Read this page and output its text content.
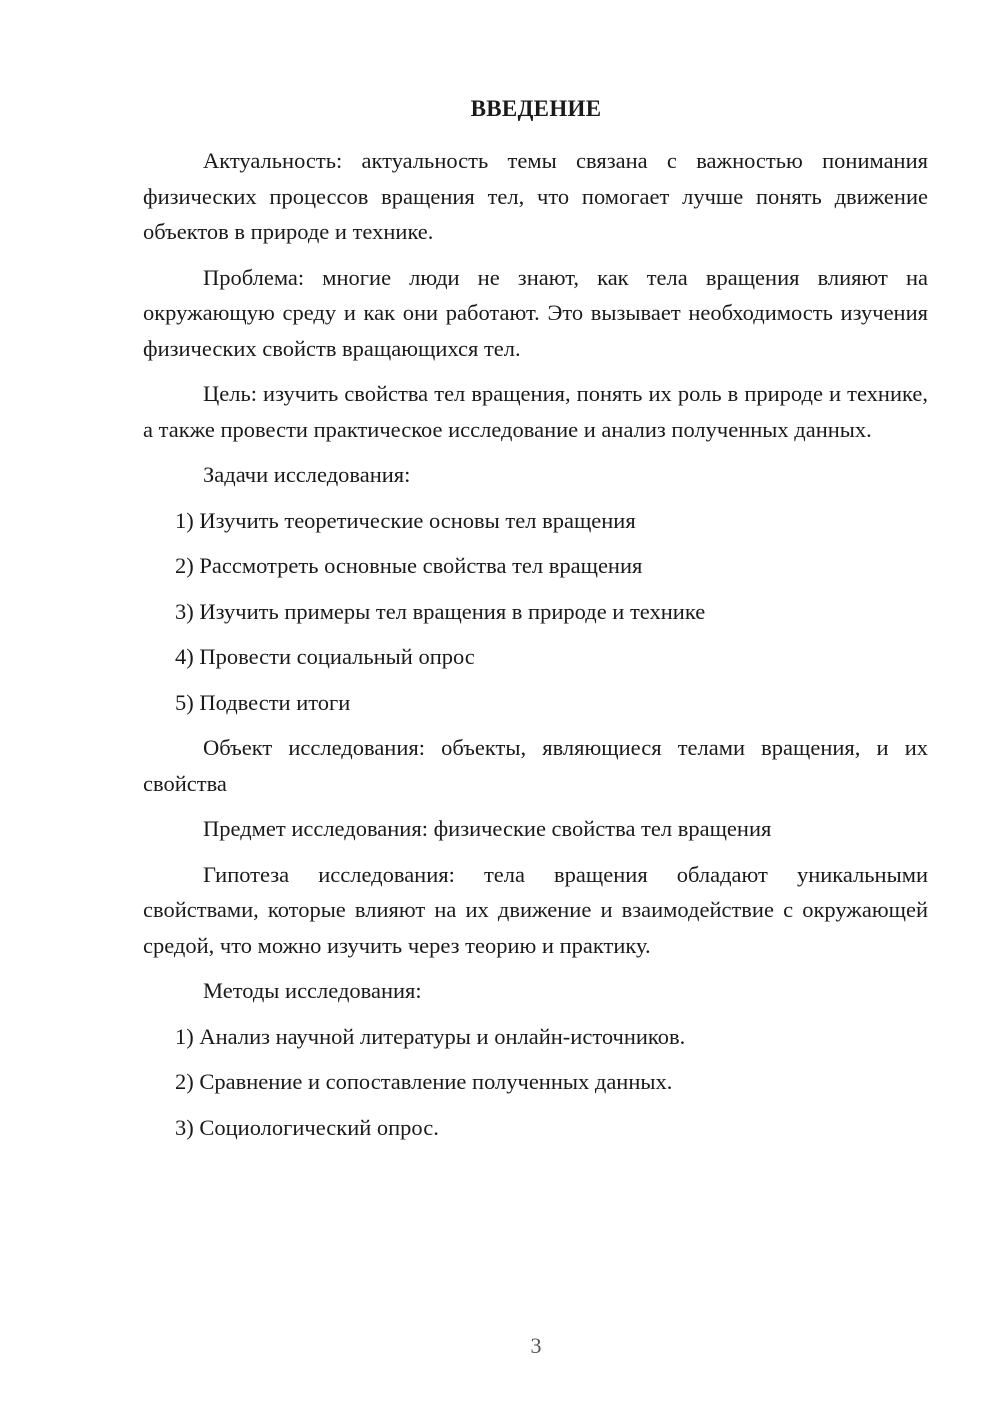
ВВЕДЕНИЕ

Актуальность: актуальность темы связана с важностью понимания физических процессов вращения тел, что помогает лучше понять движение объектов в природе и технике.

Проблема: многие люди не знают, как тела вращения влияют на окружающую среду и как они работают. Это вызывает необходимость изучения физических свойств вращающихся тел.

Цель: изучить свойства тел вращения, понять их роль в природе и технике, а также провести практическое исследование и анализ полученных данных.

Задачи исследования:

1) Изучить теоретические основы тел вращения

2) Рассмотреть основные свойства тел вращения

3) Изучить примеры тел вращения в природе и технике

4) Провести социальный опрос

5) Подвести итоги

Объект исследования: объекты, являющиеся телами вращения, и их свойства

Предмет исследования: физические свойства тел вращения

Гипотеза исследования: тела вращения обладают уникальными свойствами, которые влияют на их движение и взаимодействие с окружающей средой, что можно изучить через теорию и практику.

Методы исследования:

1) Анализ научной литературы и онлайн-источников.

2) Сравнение и сопоставление полученных данных.

3) Социологический опрос.

3
